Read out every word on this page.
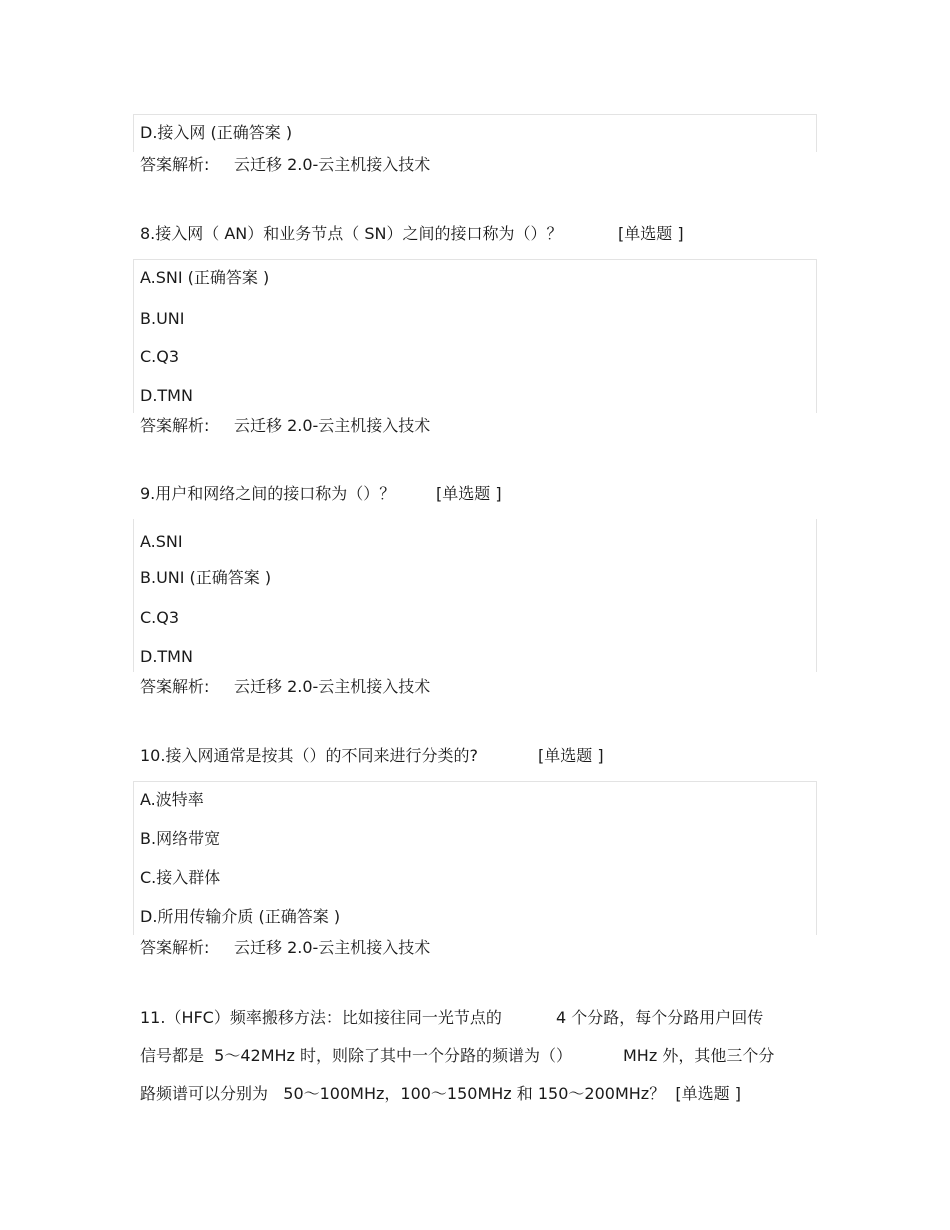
D.接入网 (正确答案 )
答案解析: 云迁移 2.0-云主机接入技术
8.接入网（ AN）和业务节点（ SN）之间的接口称为（）？	[单选题 ]
A.SNI (正确答案 )
B.UNI
C.Q3
D.TMN
答案解析: 云迁移 2.0-云主机接入技术
9.用户和网络之间的接口称为（）？	[单选题 ]
A.SNI
B.UNI (正确答案 )
C.Q3
D.TMN
答案解析: 云迁移 2.0-云主机接入技术
10.接入网通常是按其（）的不同来进行分类的?	[单选题 ]
A.波特率
B.网络带宽
C.接入群体
D.所用传输介质 (正确答案 )
答案解析: 云迁移 2.0-云主机接入技术
11.（HFC）频率搬移方法：比如接往同一光节点的	4 个分路，每个分路用户回传
信号都是  5～42MHz 时，则除了其中一个分路的频谱为（）	MHz 外，其他三个分
路频谱可以分别为   50～100MHz，100～150MHz 和 150～200MHz？  [单选题 ]
